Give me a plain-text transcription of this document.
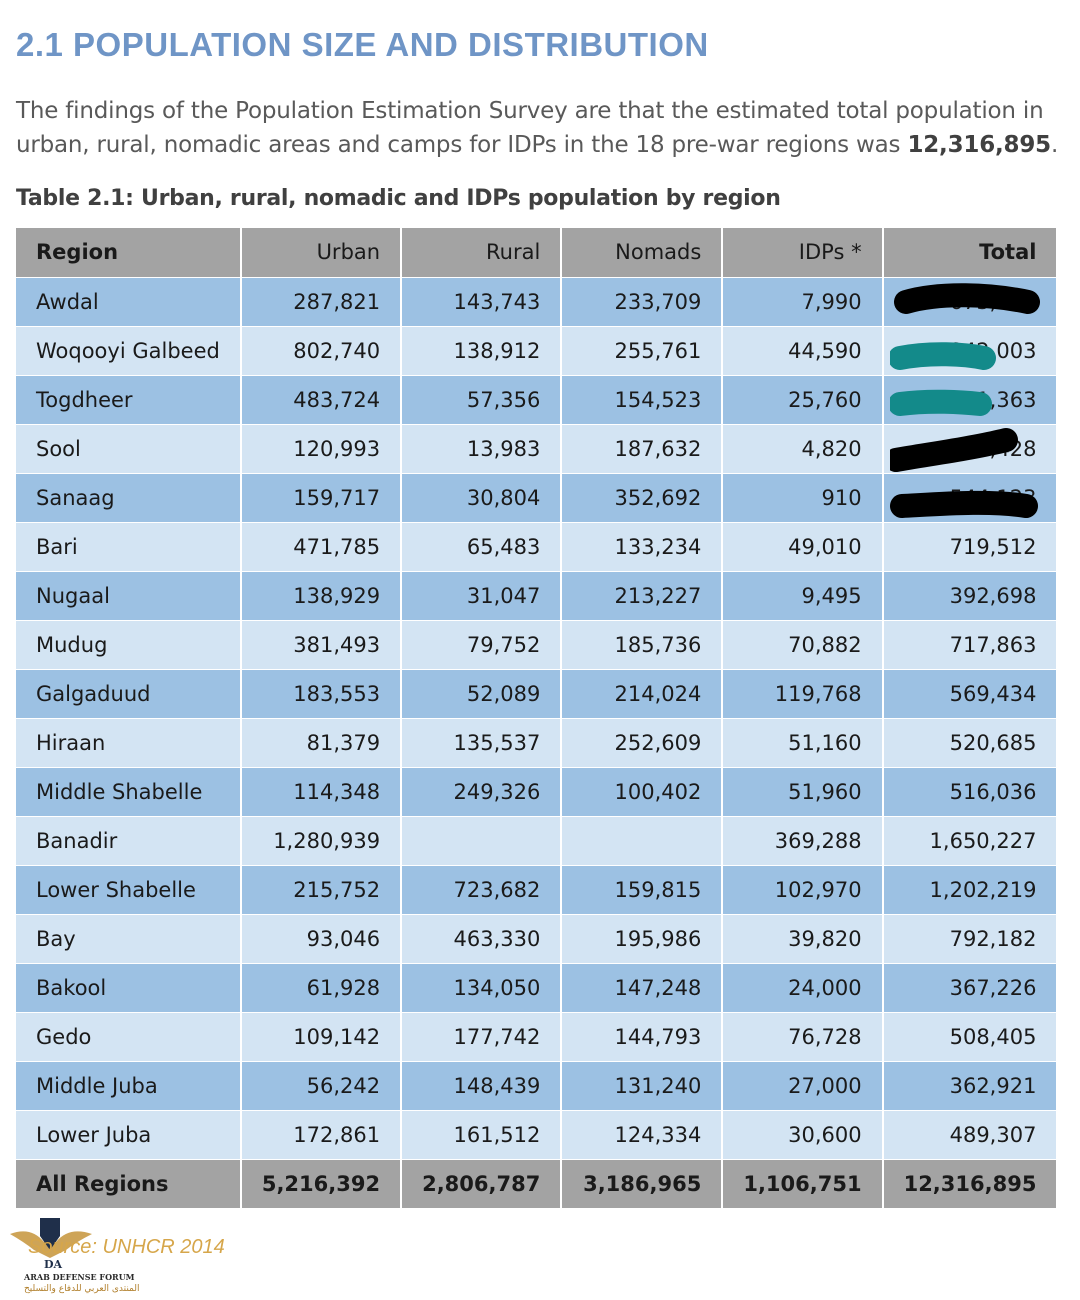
2.1 POPULATION SIZE AND DISTRIBUTION

The findings of the Population Estimation Survey are that the estimated total population in urban, rural, nomadic areas and camps for IDPs in the 18 pre-war regions was 12,316,895.

Table 2.1: Urban, rural, nomadic and IDPs population by region

Region	Urban	Rural	Nomads	IDPs *	Total
Awdal	287,821	143,743	233,709	7,990	673,263
Woqooyi Galbeed	802,740	138,912	255,761	44,590	1,242,003
Togdheer	483,724	57,356	154,523	25,760	721,363
Sool	120,993	13,983	187,632	4,820	327,428
Sanaag	159,717	30,804	352,692	910	544,123
Bari	471,785	65,483	133,234	49,010	719,512
Nugaal	138,929	31,047	213,227	9,495	392,698
Mudug	381,493	79,752	185,736	70,882	717,863
Galgaduud	183,553	52,089	214,024	119,768	569,434
Hiraan	81,379	135,537	252,609	51,160	520,685
Middle Shabelle	114,348	249,326	100,402	51,960	516,036
Banadir	1,280,939			369,288	1,650,227
Lower Shabelle	215,752	723,682	159,815	102,970	1,202,219
Bay	93,046	463,330	195,986	39,820	792,182
Bakool	61,928	134,050	147,248	24,000	367,226
Gedo	109,142	177,742	144,793	76,728	508,405
Middle Juba	56,242	148,439	131,240	27,000	362,921
Lower Juba	172,861	161,512	124,334	30,600	489,307
All Regions	5,216,392	2,806,787	3,186,965	1,106,751	12,316,895
DA
ARAB DEFENSE FORUM
المنتدى العربي للدفاع والتسليح
Source: UNHCR 2014
